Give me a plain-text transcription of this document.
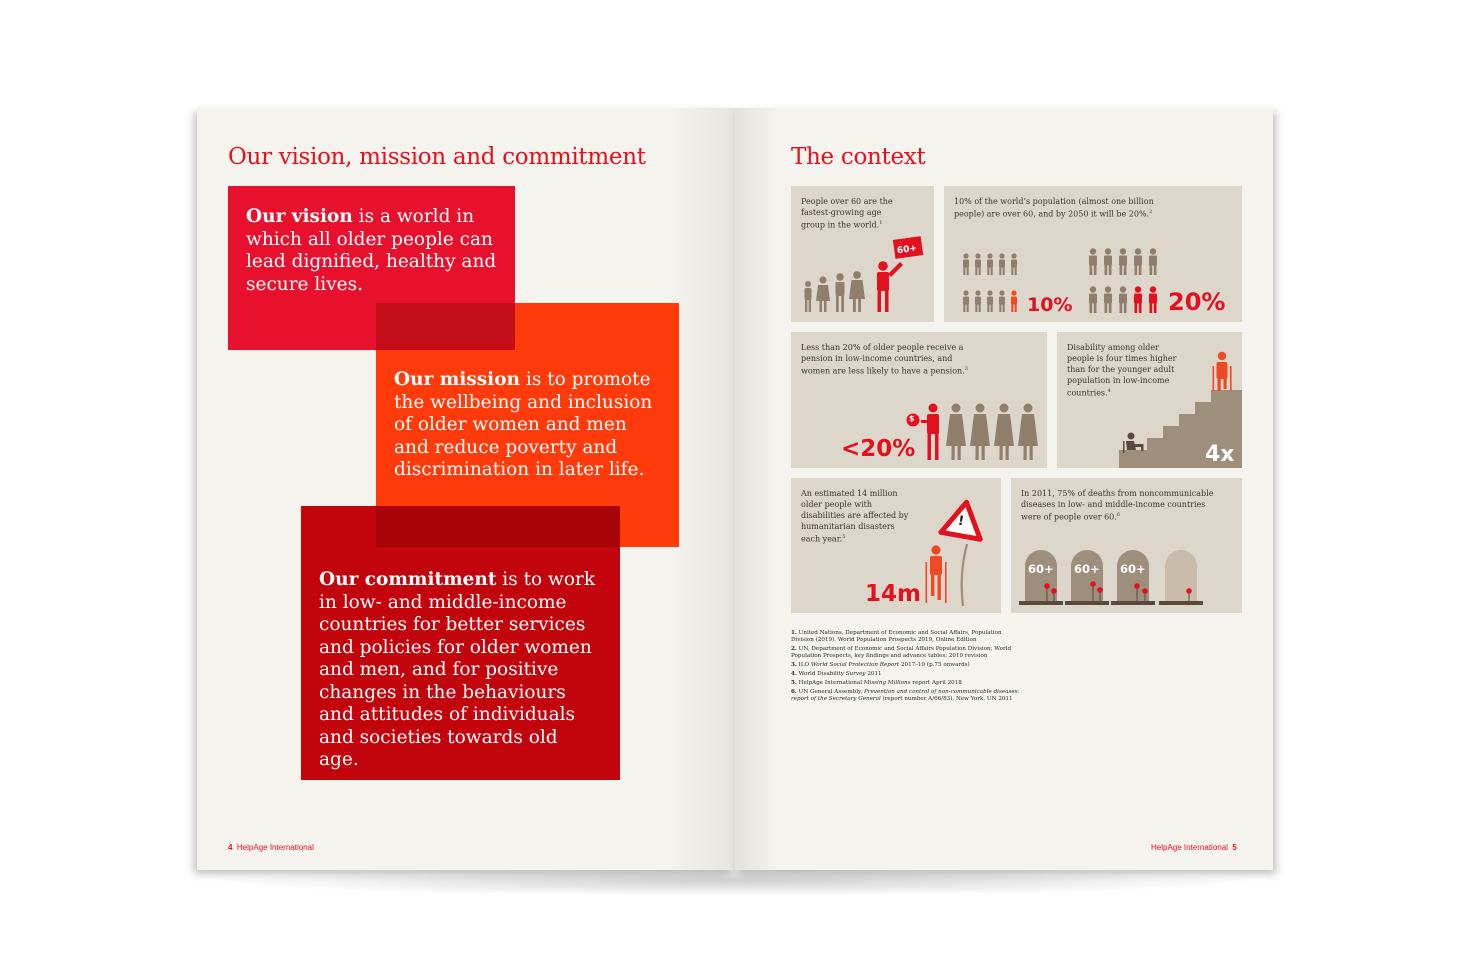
Our vision, mission and commitment
Our vision is a world in which all older people can lead dignified, healthy and secure lives.
Our mission is to promote the wellbeing and inclusion of older women and men and reduce poverty and discrimination in later life.
Our commitment is to work in low- and middle-income countries for better services and policies for older women and men, and for positive changes in the behaviours and attitudes of individuals and societies towards old age.
4 HelpAge International
The context
People over 60 are the fastest-growing age group in the world.$^1$
60+
10% of the world’s population (almost one billion people) are over 60, and by 2050 it will be 20%.$^2$
10%	20%
Less than 20% of older people receive a pension in low-income countries, and women are less likely to have a pension.$^3$
$
<20%
Disability among older people is four times higher than for the younger adult population in low-income countries.$^4$
4x
An estimated 14 million older people with disabilities are affected by humanitarian disasters each year.$^5$
!
14m
In 2011, 75% of deaths from noncommunicable diseases in low- and middle-income countries were of people over 60.$^6$
60+ 60+ 60+
1. United Nations, Department of Economic and Social Affairs, Population Division (2019). World Population Prospects 2019, Online Edition
2. UN, Department of Economic and Social Affairs Population Division; World Population Prospects, key findings and advance tables; 2019 revision
3. ILO World Social Protection Report 2017–19 (p.75 onwards)
4. World Disability Survey 2011
5. HelpAge International Missing Millions report April 2018
6. UN General Assembly, Prevention and control of non-communicable diseases: report of the Secretary General (report number A/66/83), New York, UN 2011
HelpAge International 5
